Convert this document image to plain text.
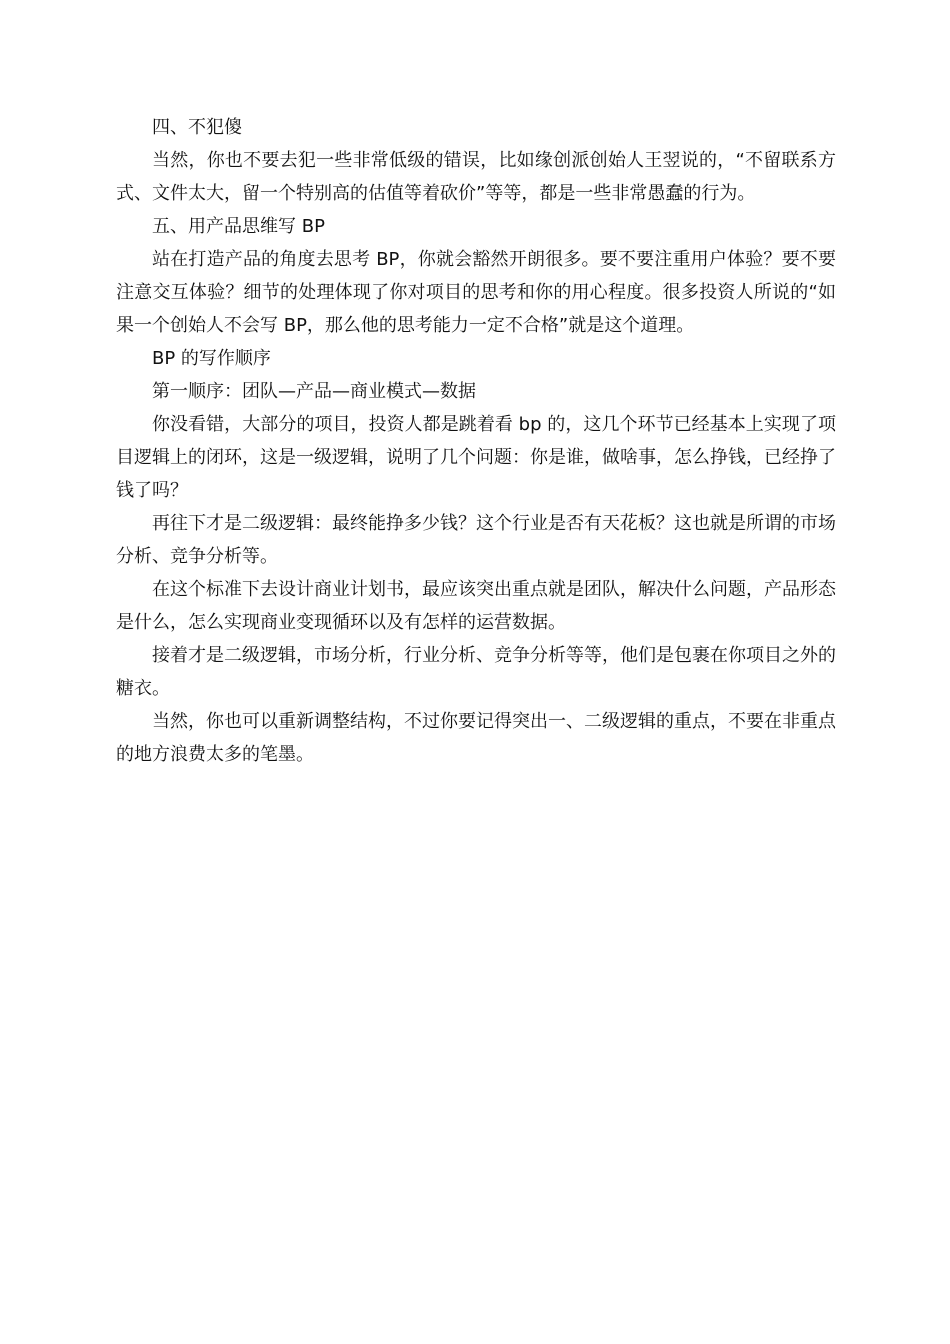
四、不犯傻

当然，你也不要去犯一些非常低级的错误，比如缘创派创始人王翌说的，“不留联系方式、文件太大，留一个特别高的估值等着砍价”等等，都是一些非常愚蠢的行为。

五、用产品思维写 BP

站在打造产品的角度去思考 BP，你就会豁然开朗很多。要不要注重用户体验？要不要注意交互体验？细节的处理体现了你对项目的思考和你的用心程度。很多投资人所说的“如果一个创始人不会写 BP，那么他的思考能力一定不合格”就是这个道理。

BP 的写作顺序

第一顺序：团队—产品—商业模式—数据

你没看错，大部分的项目，投资人都是跳着看 bp 的，这几个环节已经基本上实现了项目逻辑上的闭环，这是一级逻辑，说明了几个问题：你是谁，做啥事，怎么挣钱，已经挣了钱了吗？

再往下才是二级逻辑：最终能挣多少钱？这个行业是否有天花板？这也就是所谓的市场分析、竞争分析等。

在这个标准下去设计商业计划书，最应该突出重点就是团队，解决什么问题，产品形态是什么，怎么实现商业变现循环以及有怎样的运营数据。

接着才是二级逻辑，市场分析，行业分析、竞争分析等等，他们是包裹在你项目之外的糖衣。

当然，你也可以重新调整结构，不过你要记得突出一、二级逻辑的重点，不要在非重点的地方浪费太多的笔墨。
